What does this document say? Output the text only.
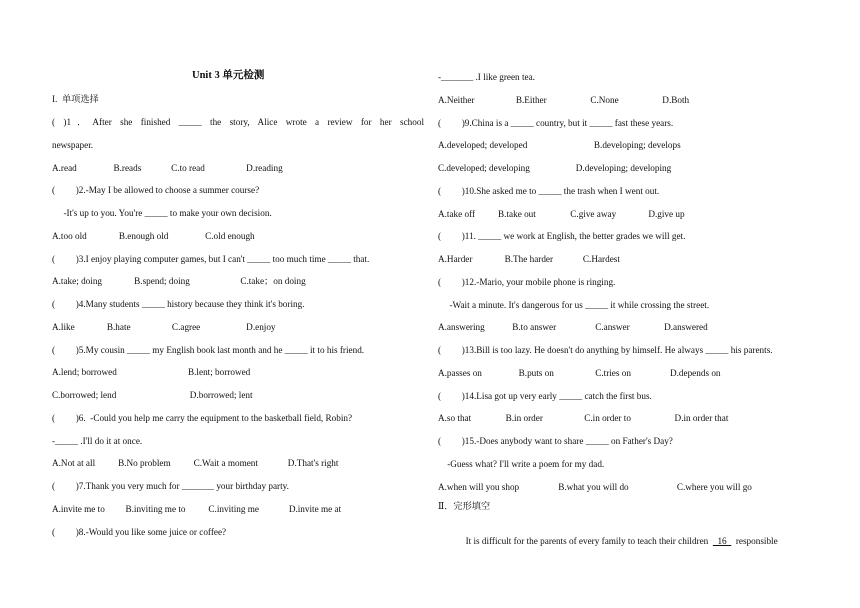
Unit 3 单元检测
I.  单项选择
( )1．After she finished _____ the story, Alice wrote a review for her school
newspaper.
A.read                B.reads             C.to read                  D.reading
(         )2.-May I be allowed to choose a summer course?
-It's up to you. You're _____ to make your own decision.
A.too old              B.enough old                C.old enough
(         )3.I enjoy playing computer games, but I can't _____ too much time _____ that.
A.take; doing              B.spend; doing                      C.take；on doing
(         )4.Many students _____ history because they think it's boring.
A.like              B.hate                  C.agree                    D.enjoy
(         )5.My cousin _____ my English book last month and he _____ it to his friend.
A.lend; borrowed                               B.lent; borrowed
C.borrowed; lend                                D.borrowed; lent
(         )6.  -Could you help me carry the equipment to the basketball field, Robin?
-_____ .I'll do it at once.
A.Not at all          B.No problem          C.Wait a moment             D.That's right
(         )7.Thank you very much for _______ your birthday party.
A.invite me to         B.inviting me to          C.inviting me             D.invite me at
(         )8.-Would you like some juice or coffee?
-_______ .I like green tea.
A.Neither                  B.Either                   C.None                   D.Both
(         )9.China is a _____ country, but it _____ fast these years.
A.developed; developed                             B.developing; develops
C.developed; developing                    D.developing; developing
(         )10.She asked me to _____ the trash when I went out.
A.take off          B.take out               C.give away              D.give up
(         )11. _____ we work at English, the better grades we will get.
A.Harder              B.The harder             C.Hardest
(         )12.-Mario, your mobile phone is ringing.
-Wait a minute. It's dangerous for us _____ it while crossing the street.
A.answering            B.to answer                 C.answer               D.answered
(         )13.Bill is too lazy. He doesn't do anything by himself. He always _____ his parents.
A.passes on                B.puts on                  C.tries on                 D.depends on
(         )14.Lisa got up very early _____ catch the first bus.
A.so that               B.in order                  C.in order to                   D.in order that
(         )15.-Does anybody want to share _____ on Father's Day?
-Guess what? I'll write a poem for my dad.
A.when will you shop                 B.what you will do                     C.where you will go
Ⅱ．完形填空

It is difficult for the parents of every family to teach their children    16    responsible
